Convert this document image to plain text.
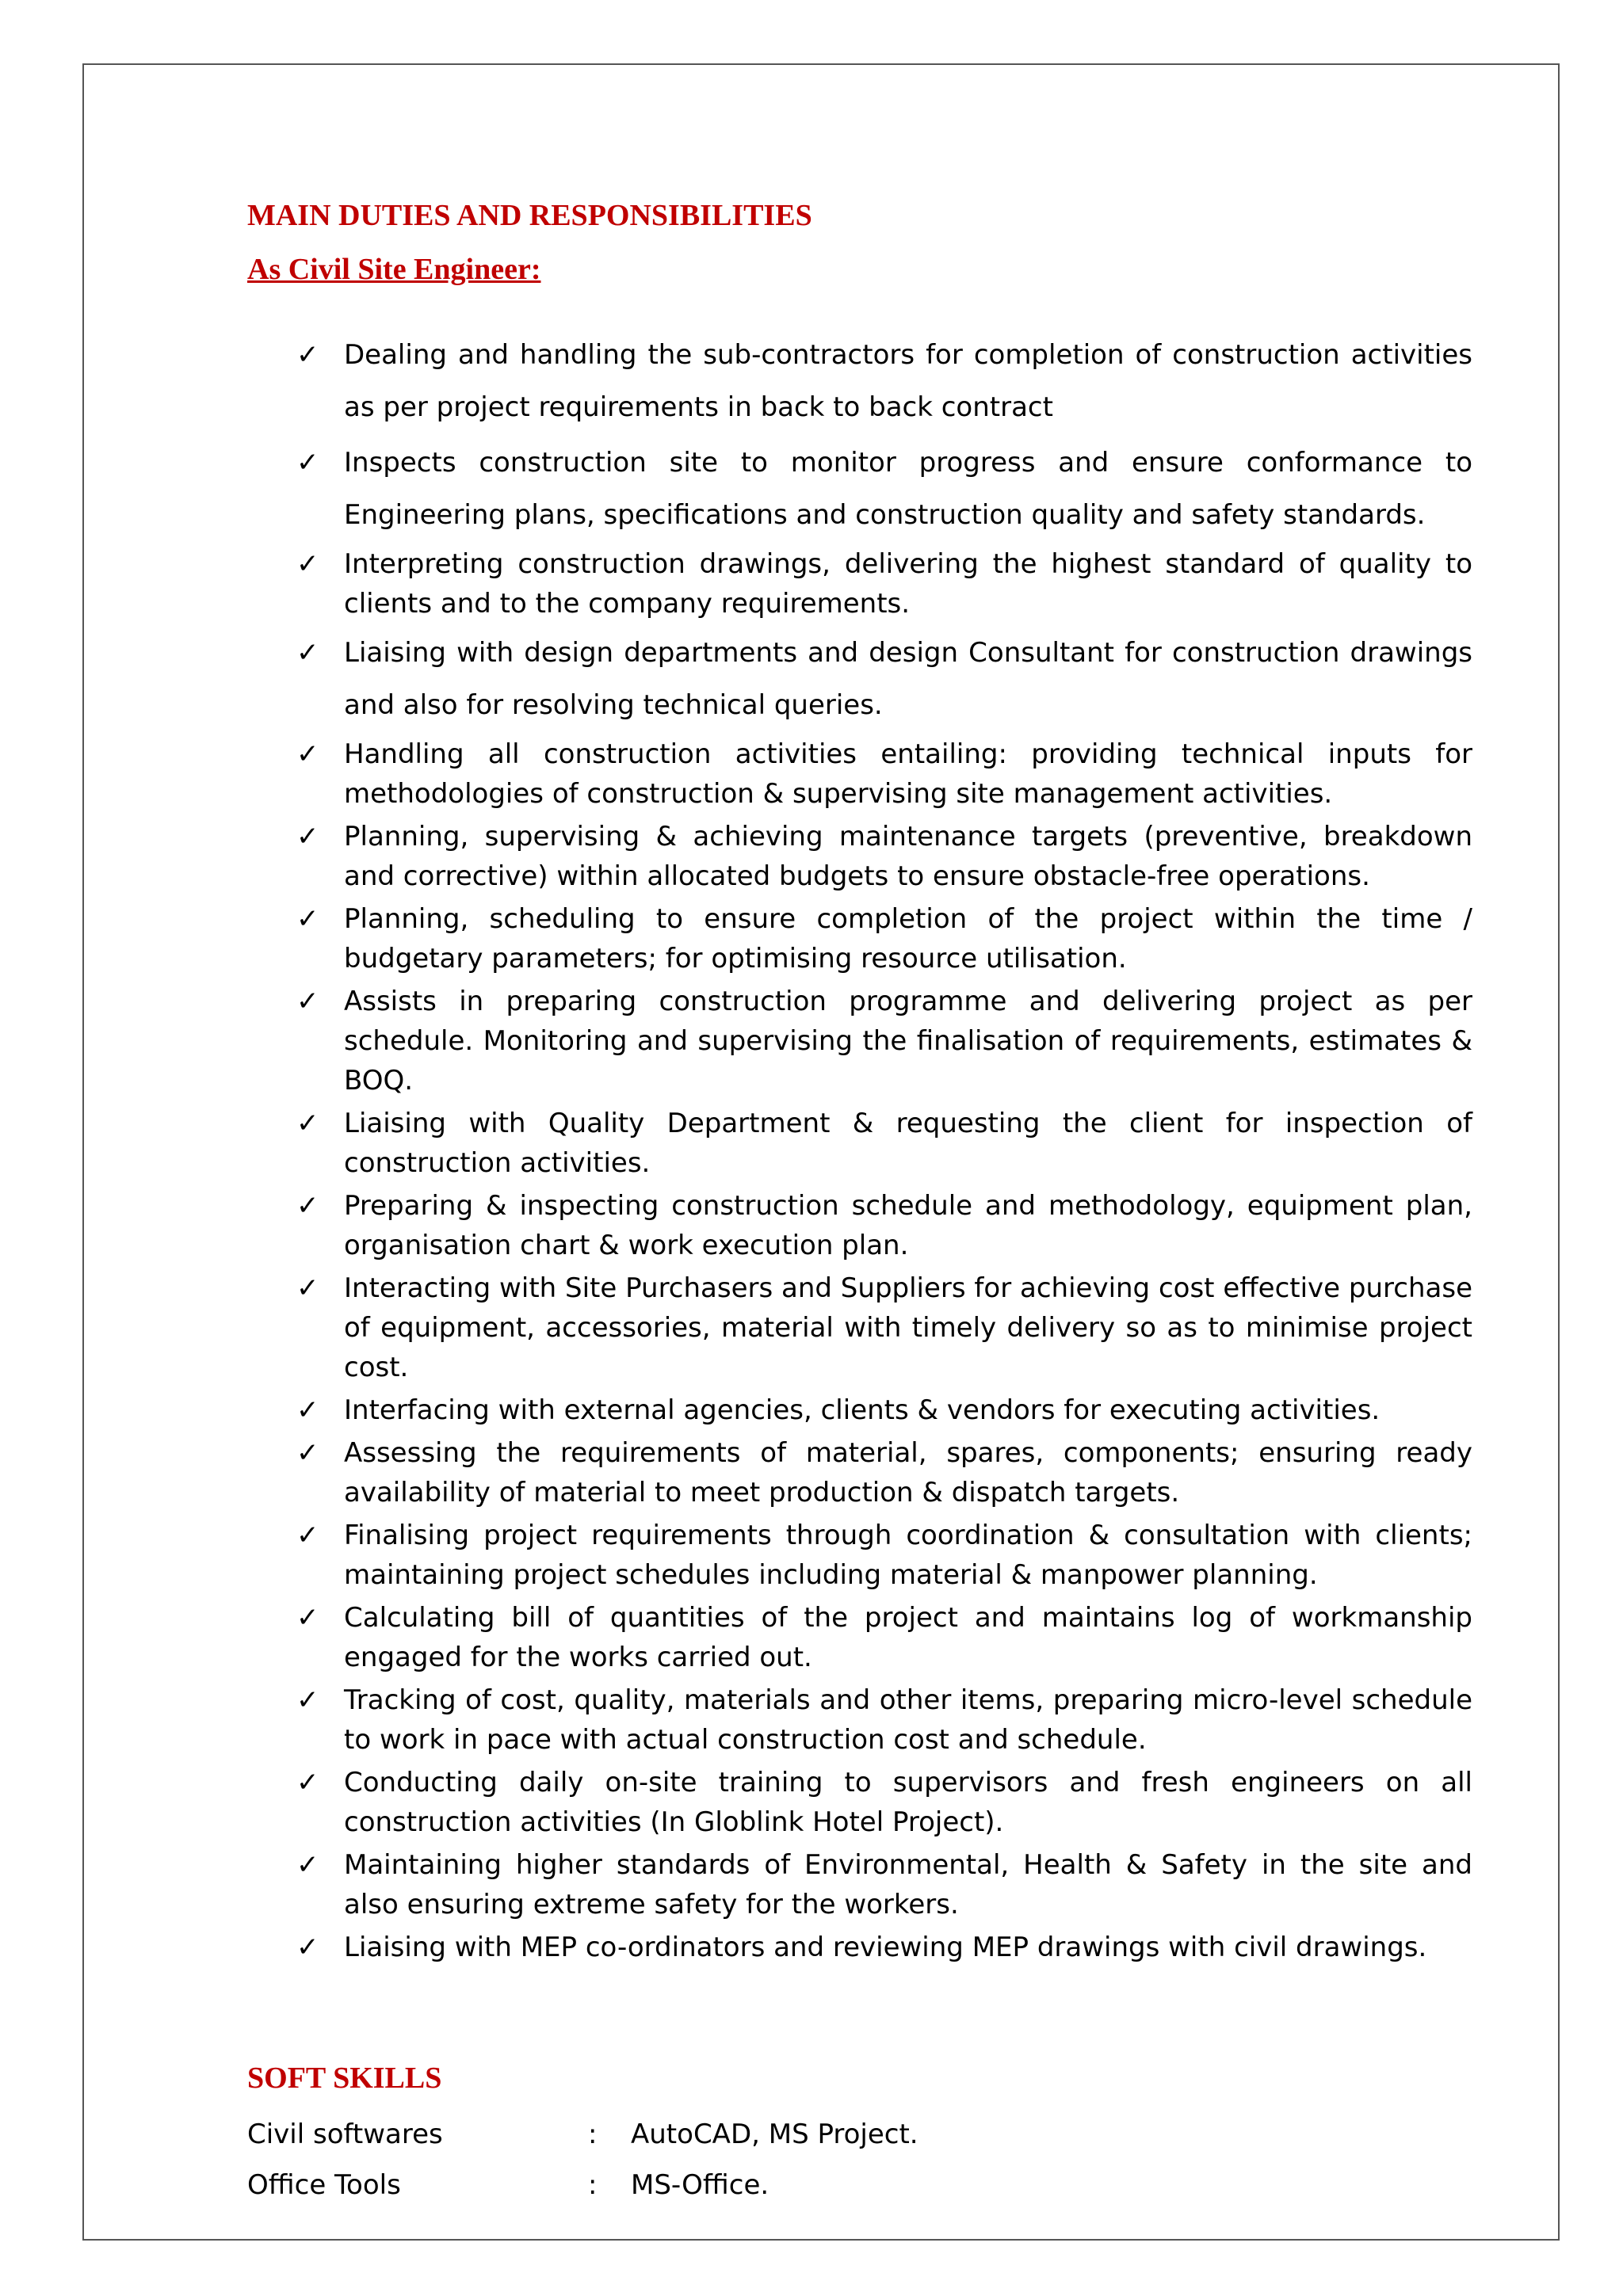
MAIN DUTIES AND RESPONSIBILITIES
As Civil Site Engineer:
✓ Dealing and handling the sub-contractors for completion of construction activities as per project requirements in back to back contract
✓ Inspects construction site to monitor progress and ensure conformance to Engineering plans, specifications and construction quality and safety standards.
✓ Interpreting construction drawings, delivering the highest standard of quality to clients and to the company requirements.
✓ Liaising with design departments and design Consultant for construction drawings and also for resolving technical queries.
✓ Handling all construction activities entailing: providing technical inputs for methodologies of construction & supervising site management activities.
✓ Planning, supervising & achieving maintenance targets (preventive, breakdown and corrective) within allocated budgets to ensure obstacle-free operations.
✓ Planning, scheduling to ensure completion of the project within the time / budgetary parameters; for optimising resource utilisation.
✓ Assists in preparing construction programme and delivering project as per schedule. Monitoring and supervising the finalisation of requirements, estimates & BOQ.
✓ Liaising with Quality Department & requesting the client for inspection of construction activities.
✓ Preparing & inspecting construction schedule and methodology, equipment plan, organisation chart & work execution plan.
✓ Interacting with Site Purchasers and Suppliers for achieving cost effective purchase of equipment, accessories, material with timely delivery so as to minimise project cost.
✓ Interfacing with external agencies, clients & vendors for executing activities.
✓ Assessing the requirements of material, spares, components; ensuring ready availability of material to meet production & dispatch targets.
✓ Finalising project requirements through coordination & consultation with clients; maintaining project schedules including material & manpower planning.
✓ Calculating bill of quantities of the project and maintains log of workmanship engaged for the works carried out.
✓ Tracking of cost, quality, materials and other items, preparing micro-level schedule to work in pace with actual construction cost and schedule.
✓ Conducting daily on-site training to supervisors and fresh engineers on all construction activities (In Globlink Hotel Project).
✓ Maintaining higher standards of Environmental, Health & Safety in the site and also ensuring extreme safety for the workers.
✓ Liaising with MEP co-ordinators and reviewing MEP drawings with civil drawings.
SOFT SKILLS
Civil softwares	:	AutoCAD, MS Project.
Office Tools	:	MS-Office.
